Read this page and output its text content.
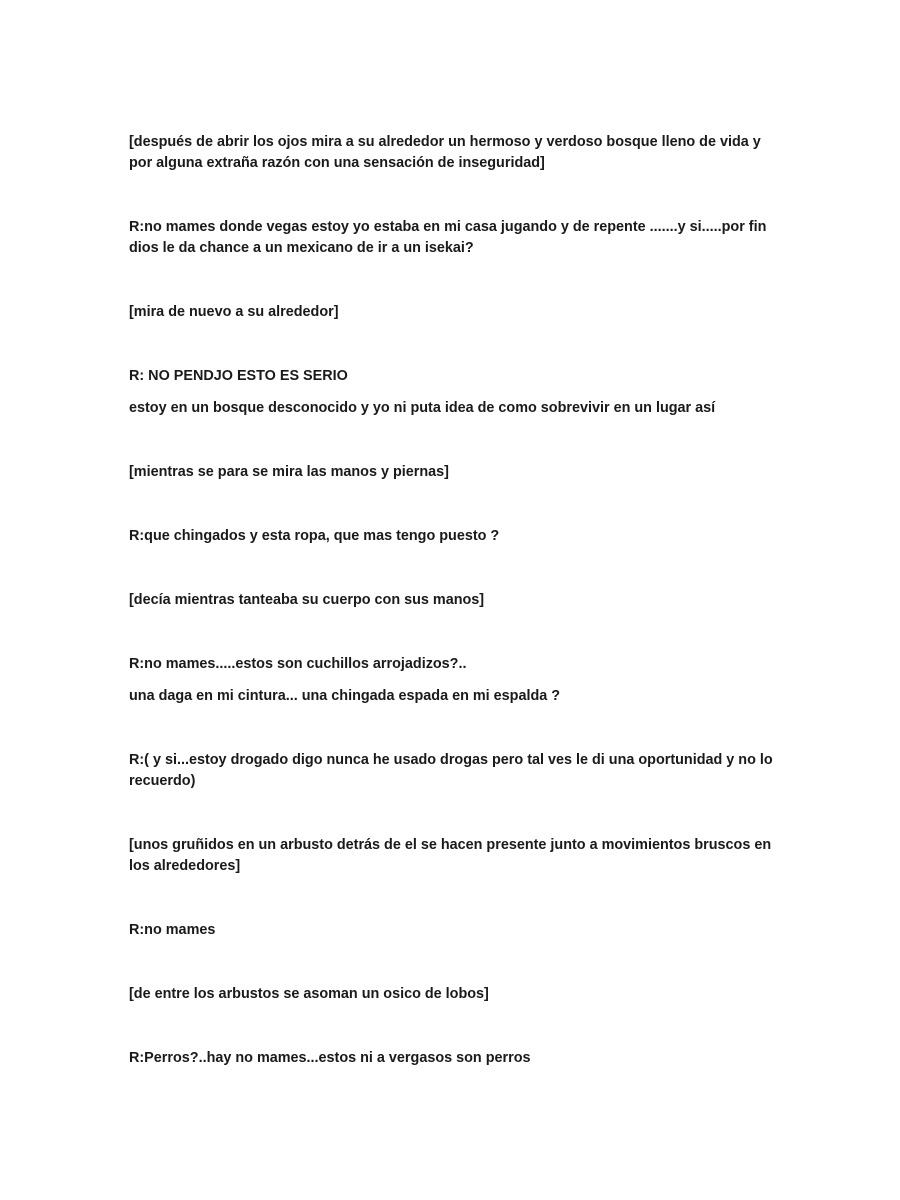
[después de abrir los ojos mira a su alrededor un hermoso y verdoso bosque lleno de vida y por alguna extraña razón con una sensación de inseguridad]

R:no mames donde vegas estoy yo estaba en mi casa jugando y de repente .......y si.....por fin dios le da chance a un mexicano de ir a un isekai?

[mira de nuevo a su alrededor]

R: NO PENDJO ESTO ES SERIO

estoy en un bosque desconocido y yo ni puta idea de como sobrevivir en un lugar así

[mientras se para se mira las manos y piernas]

R:que chingados y esta ropa, que mas tengo puesto ?

[decía mientras tanteaba su cuerpo con sus manos]

R:no mames.....estos son cuchillos arrojadizos?..

una daga en mi cintura... una chingada espada en mi espalda ?

R:( y si...estoy drogado digo nunca he usado drogas pero tal ves le di una oportunidad y no lo recuerdo)

[unos gruñidos en un arbusto detrás de el se hacen presente junto a movimientos bruscos en los alrededores]

R:no mames

[de entre los arbustos se asoman un osico de lobos]

R:Perros?..hay no mames...estos ni a vergasos son perros
